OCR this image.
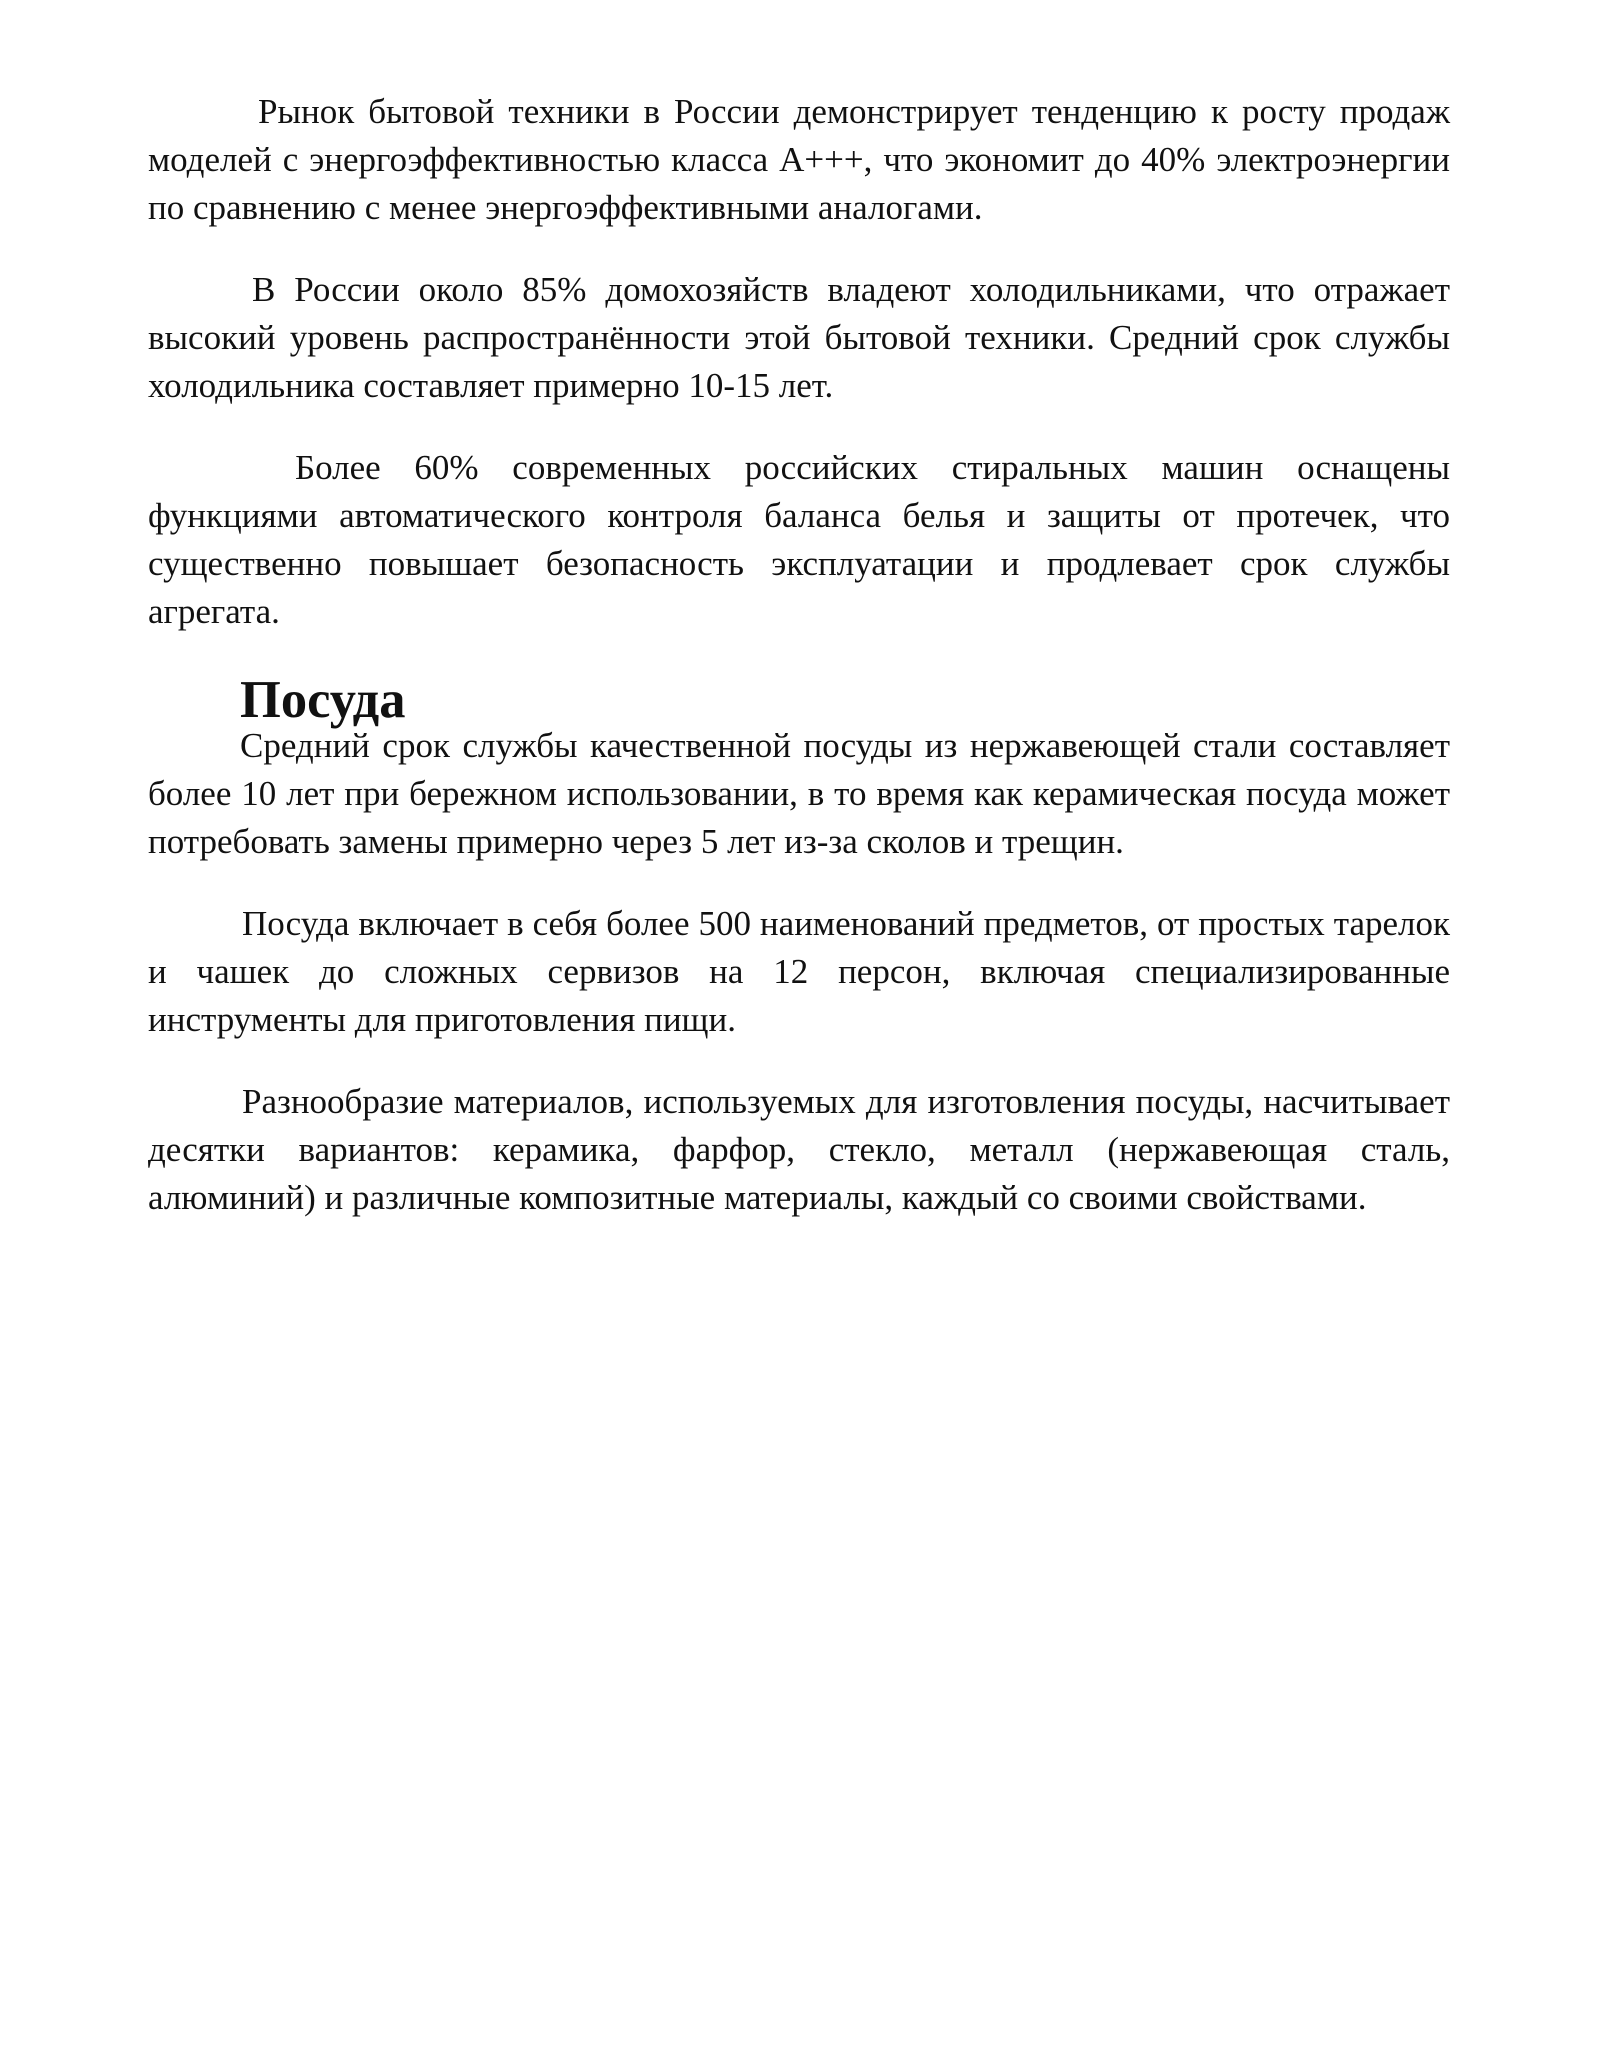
Рынок бытовой техники в России демонстрирует тенденцию к росту продаж моделей с энергоэффективностью класса А+++, что экономит до 40% электроэнергии по сравнению с менее энергоэффективными аналогами.

В России около 85% домохозяйств владеют холодильниками, что отражает высокий уровень распространённости этой бытовой техники. Средний срок службы холодильника составляет примерно 10-15 лет.

Более 60% современных российских стиральных машин оснащены функциями автоматического контроля баланса белья и защиты от протечек, что существенно повышает безопасность эксплуатации и продлевает срок службы агрегата.

Посуда

Средний срок службы качественной посуды из нержавеющей стали составляет более 10 лет при бережном использовании, в то время как керамическая посуда может потребовать замены примерно через 5 лет из-за сколов и трещин.

Посуда включает в себя более 500 наименований предметов, от простых тарелок и чашек до сложных сервизов на 12 персон, включая специализированные инструменты для приготовления пищи.

Разнообразие материалов, используемых для изготовления посуды, насчитывает десятки вариантов: керамика, фарфор, стекло, металл (нержавеющая сталь, алюминий) и различные композитные материалы, каждый со своими свойствами.
